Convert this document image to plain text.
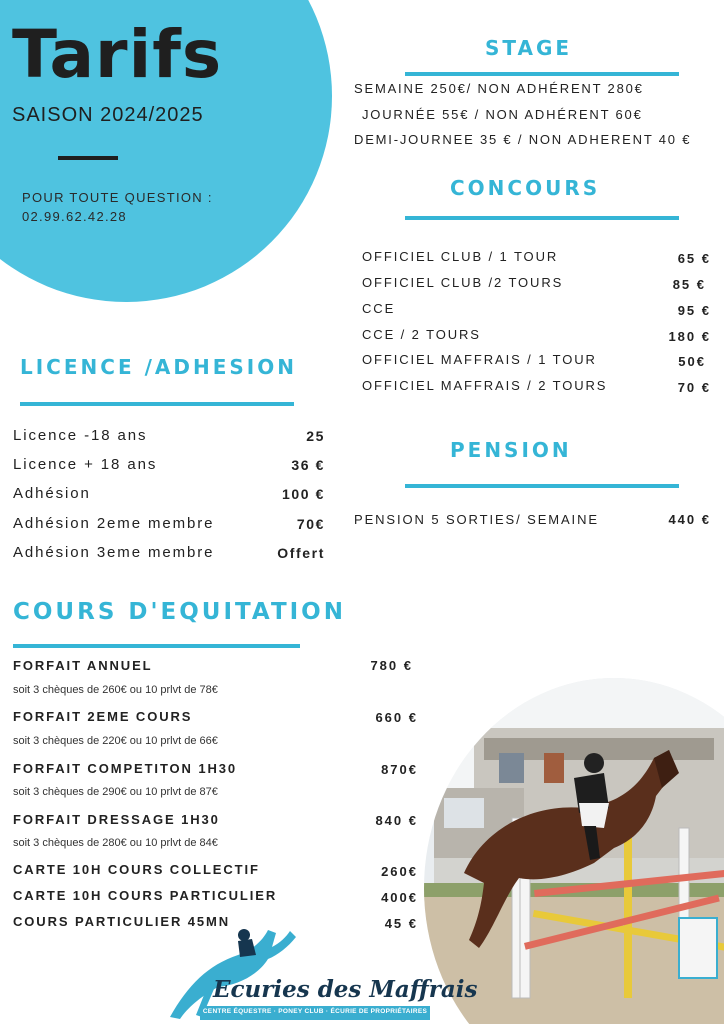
Tarifs
SAISON 2024/2025
POUR TOUTE QUESTION :
02.99.62.42.28
STAGE
SEMAINE 250€/ NON ADHÉRENT 280€
JOURNÉE 55€ / NON ADHÉRENT 60€
DEMI-JOURNEE 35 € / NON ADHERENT 40 €
CONCOURS
OFFICIEL CLUB / 1 TOUR	65 €
OFFICIEL CLUB /2 TOURS	85 €
CCE	95 €
CCE / 2 TOURS	180 €
OFFICIEL MAFFRAIS / 1 TOUR	50€
OFFICIEL MAFFRAIS / 2 TOURS	70 €
PENSION
PENSION 5 SORTIES/ SEMAINE	440 €
LICENCE /ADHESION
Licence -18 ans	25
Licence + 18 ans	36 €
Adhésion	100 €
Adhésion 2eme membre	70€
Adhésion 3eme membre	Offert
COURS D'EQUITATION
FORFAIT ANNUEL	780 €
soit 3 chèques de 260€ ou 10 prlvt de 78€
FORFAIT 2EME COURS	660 €
soit 3 chèques de 220€ ou 10 prlvt de 66€
FORFAIT COMPETITON 1H30	870€
soit 3 chèques de 290€ ou 10 prlvt de 87€
FORFAIT DRESSAGE 1H30	840 €
soit 3 chèques de 280€ ou 10 prlvt de 84€
CARTE 10H COURS COLLECTIF	260€
CARTE 10H COURS PARTICULIER	400€
COURS PARTICULIER 45MN	45 €
Ecuries des Maffrais
CENTRE ÉQUESTRE · PONEY CLUB · ÉCURIE DE PROPRIÉTAIRES
